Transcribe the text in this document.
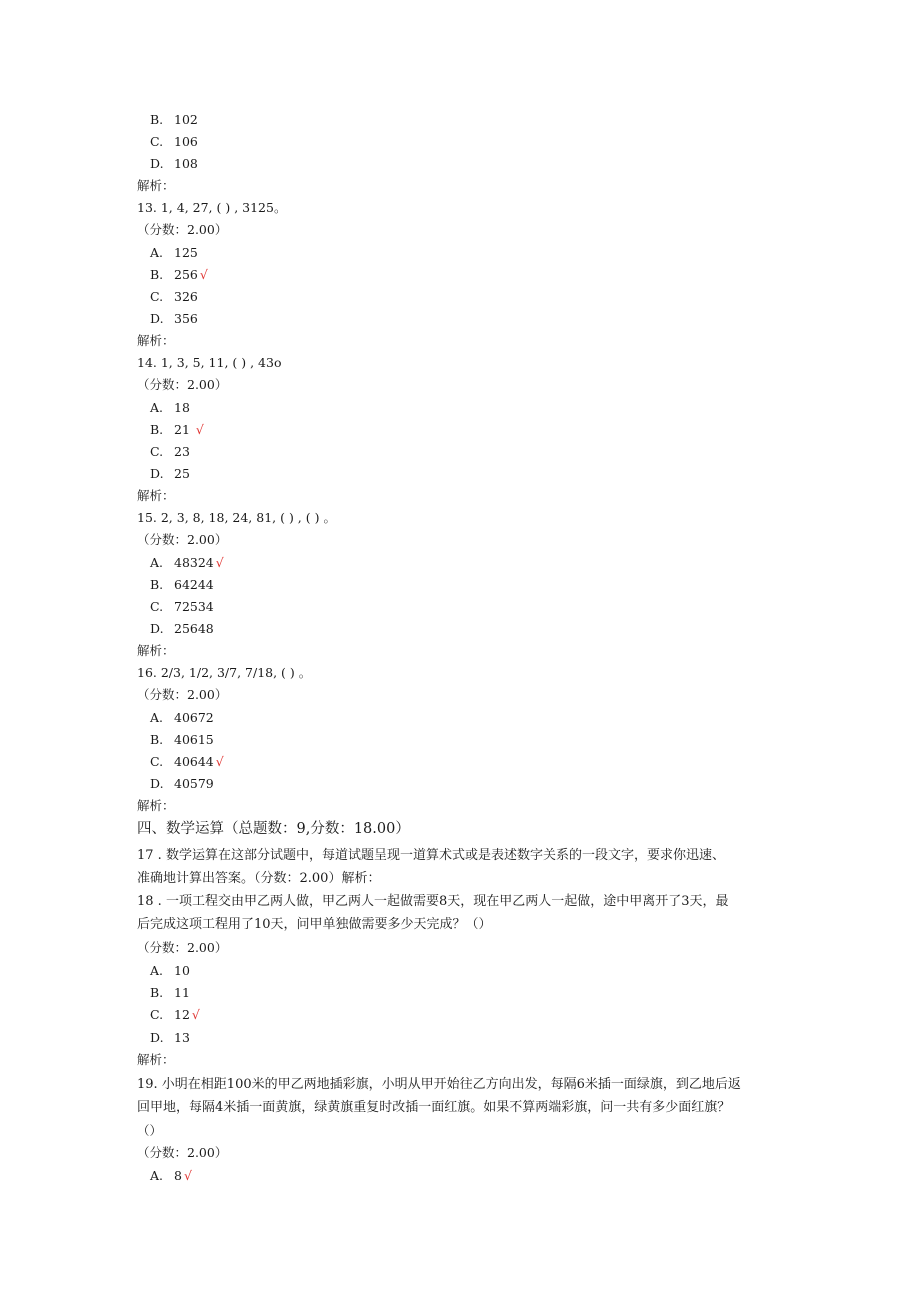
B. 102
C. 106
D. 108
解析：
13. 1, 4, 27, ( ) , 3125。
（分数：2.00）
A. 125
B. 256 √
C. 326
D. 356
解析：
14. 1, 3, 5, 11, ( ) , 43o
（分数：2.00）
A. 18
B. 21 √
C. 23
D. 25
解析：
15. 2, 3, 8, 18, 24, 81, ( ) , ( ) 。
（分数：2.00）
A. 48324 √
B. 64244
C. 72534
D. 25648
解析：
16. 2/3, 1/2, 3/7, 7/18, ( ) 。
（分数：2.00）
A. 40672
B. 40615
C. 40644 √
D. 40579
解析：
四、数学运算（总题数：9,分数：18.00）
17 . 数学运算在这部分试题中，每道试题呈现一道算术式或是表述数字关系的一段文字，要求你迅速、
准确地计算出答案。（分数：2.00）解析：
18 . 一项工程交由甲乙两人做，甲乙两人一起做需要8天，现在甲乙两人一起做，途中甲离开了3天，最
后完成这项工程用了10天，问甲单独做需要多少天完成？（）
（分数：2.00）
A. 10
B. 11
C. 12 √
D. 13
解析：
19. 小明在相距100米的甲乙两地插彩旗，小明从甲开始往乙方向出发，每隔6米插一面绿旗，到乙地后返
回甲地，每隔4米插一面黄旗，绿黄旗重复时改插一面红旗。如果不算两端彩旗，问一共有多少面红旗？
（）
（分数：2.00）
A. 8 √
